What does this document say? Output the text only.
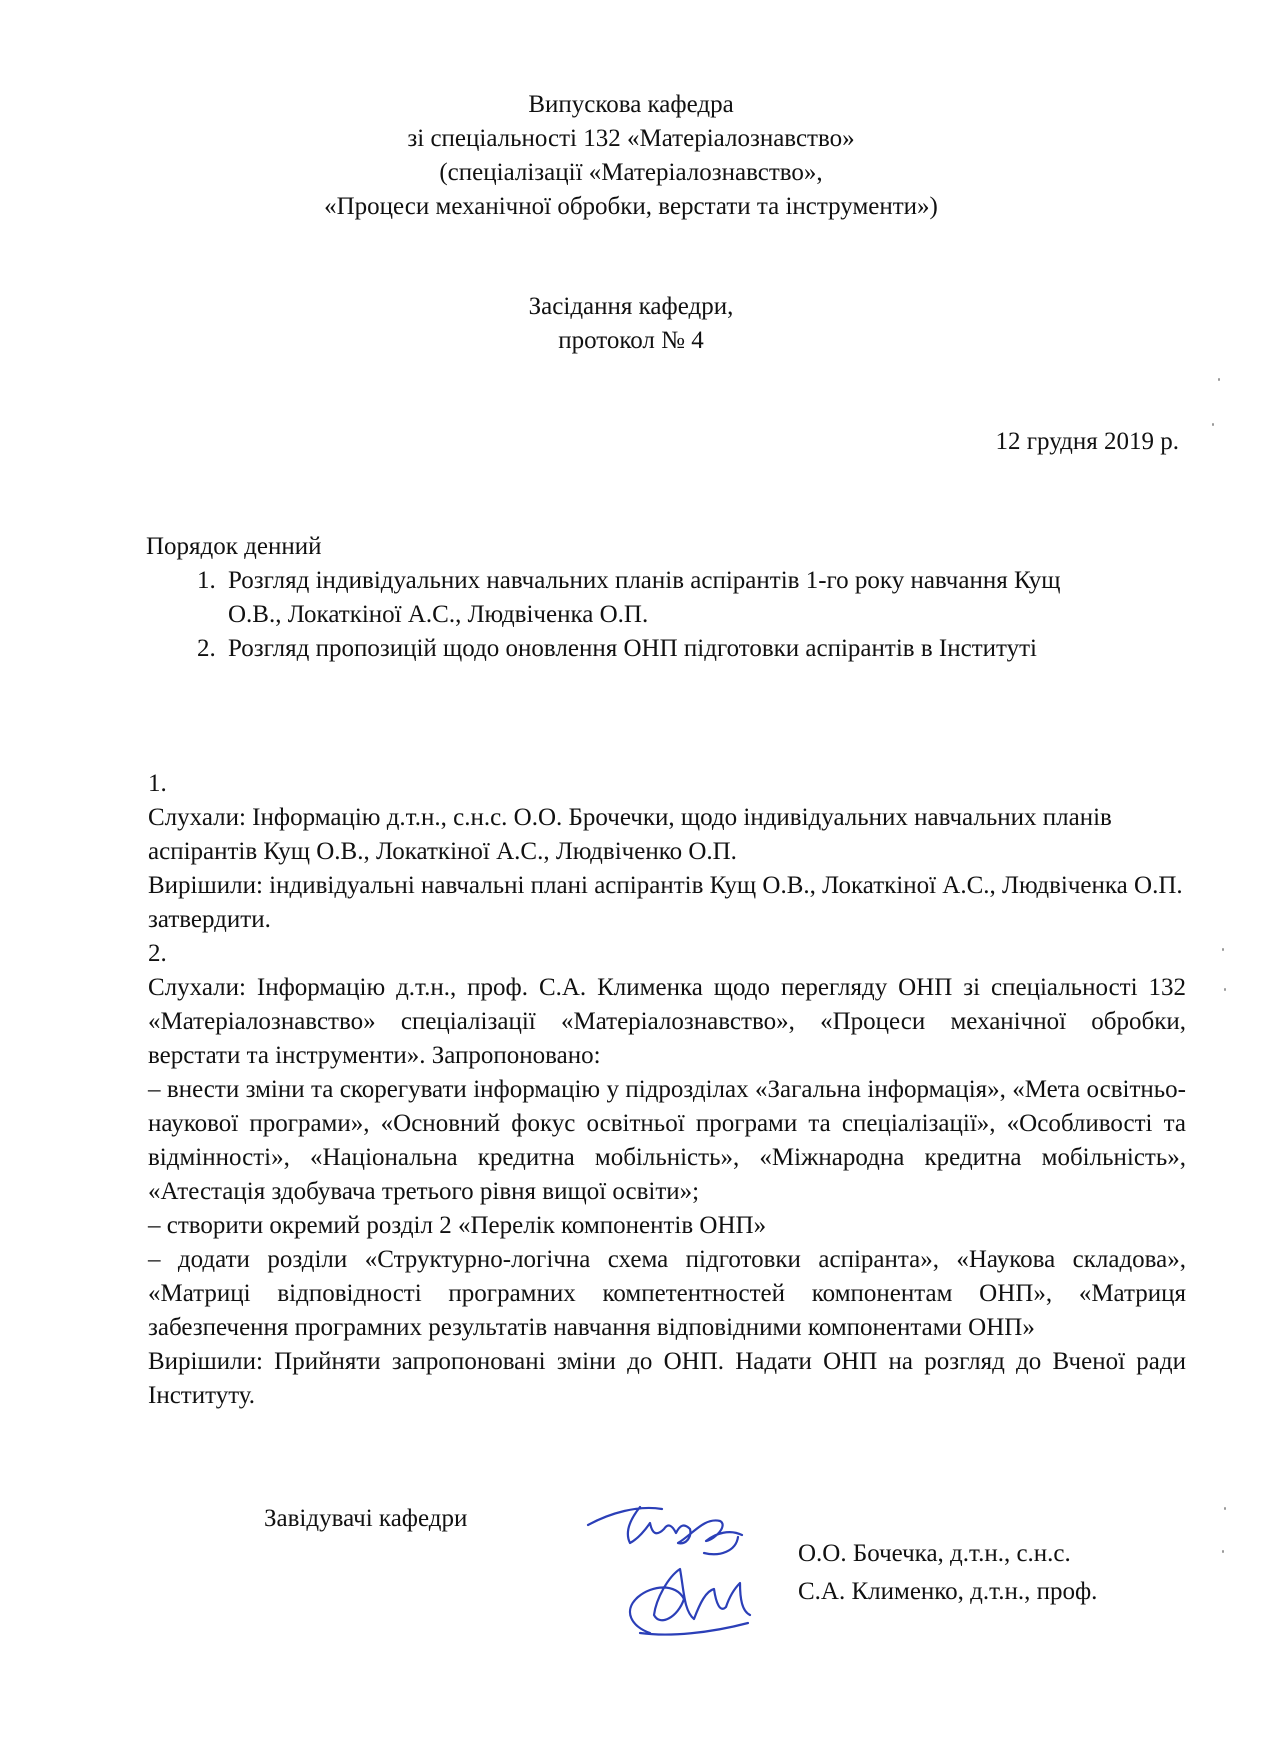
Випускова кафедра
зі спеціальності 132 «Матеріалознавство»
(спеціалізації «Матеріалознавство»,
«Процеси механічної обробки, верстати та інструменти»)
Засідання кафедри,
протокол № 4
12 грудня 2019 р.
Порядок денний
1. Розгляд індивідуальних навчальних планів аспірантів 1-го року навчання Кущ О.В., Локаткіної А.С., Людвіченка О.П.
2. Розгляд пропозицій щодо оновлення ОНП підготовки аспірантів в Інституті

1.

Слухали: Інформацію д.т.н., с.н.с. О.О. Брочечки, щодо індивідуальних навчальних планів аспірантів Кущ О.В., Локаткіної А.С., Людвіченко О.П.

Вирішили: індивідуальні навчальні плані аспірантів Кущ О.В., Локаткіної А.С., Людвіченка О.П. затвердити.

2.

Слухали: Інформацію д.т.н., проф. С.А. Клименка щодо перегляду ОНП зі спеціальності 132 «Матеріалознавство» спеціалізації «Матеріалознавство», «Процеси механічної обробки, верстати та інструменти». Запропоновано:

– внести зміни та скорегувати інформацію у підрозділах «Загальна інформація», «Мета освітньо-наукової програми», «Основний фокус освітньої програми та спеціалізації», «Особливості та відмінності», «Національна кредитна мобільність», «Міжнародна кредитна мобільність», «Атестація здобувача третього рівня вищої освіти»;

– створити окремий розділ 2 «Перелік компонентів ОНП»

– додати розділи «Структурно-логічна схема підготовки аспіранта», «Наукова складова», «Матриці відповідності програмних компетентностей компонентам ОНП», «Матриця забезпечення програмних результатів навчання відповідними компонентами ОНП»

Вирішили: Прийняти запропоновані зміни до ОНП. Надати ОНП на розгляд до Вченої ради Інституту.

Завідувачі кафедри
О.О. Бочечка, д.т.н., с.н.с.
С.А. Клименко, д.т.н., проф.
